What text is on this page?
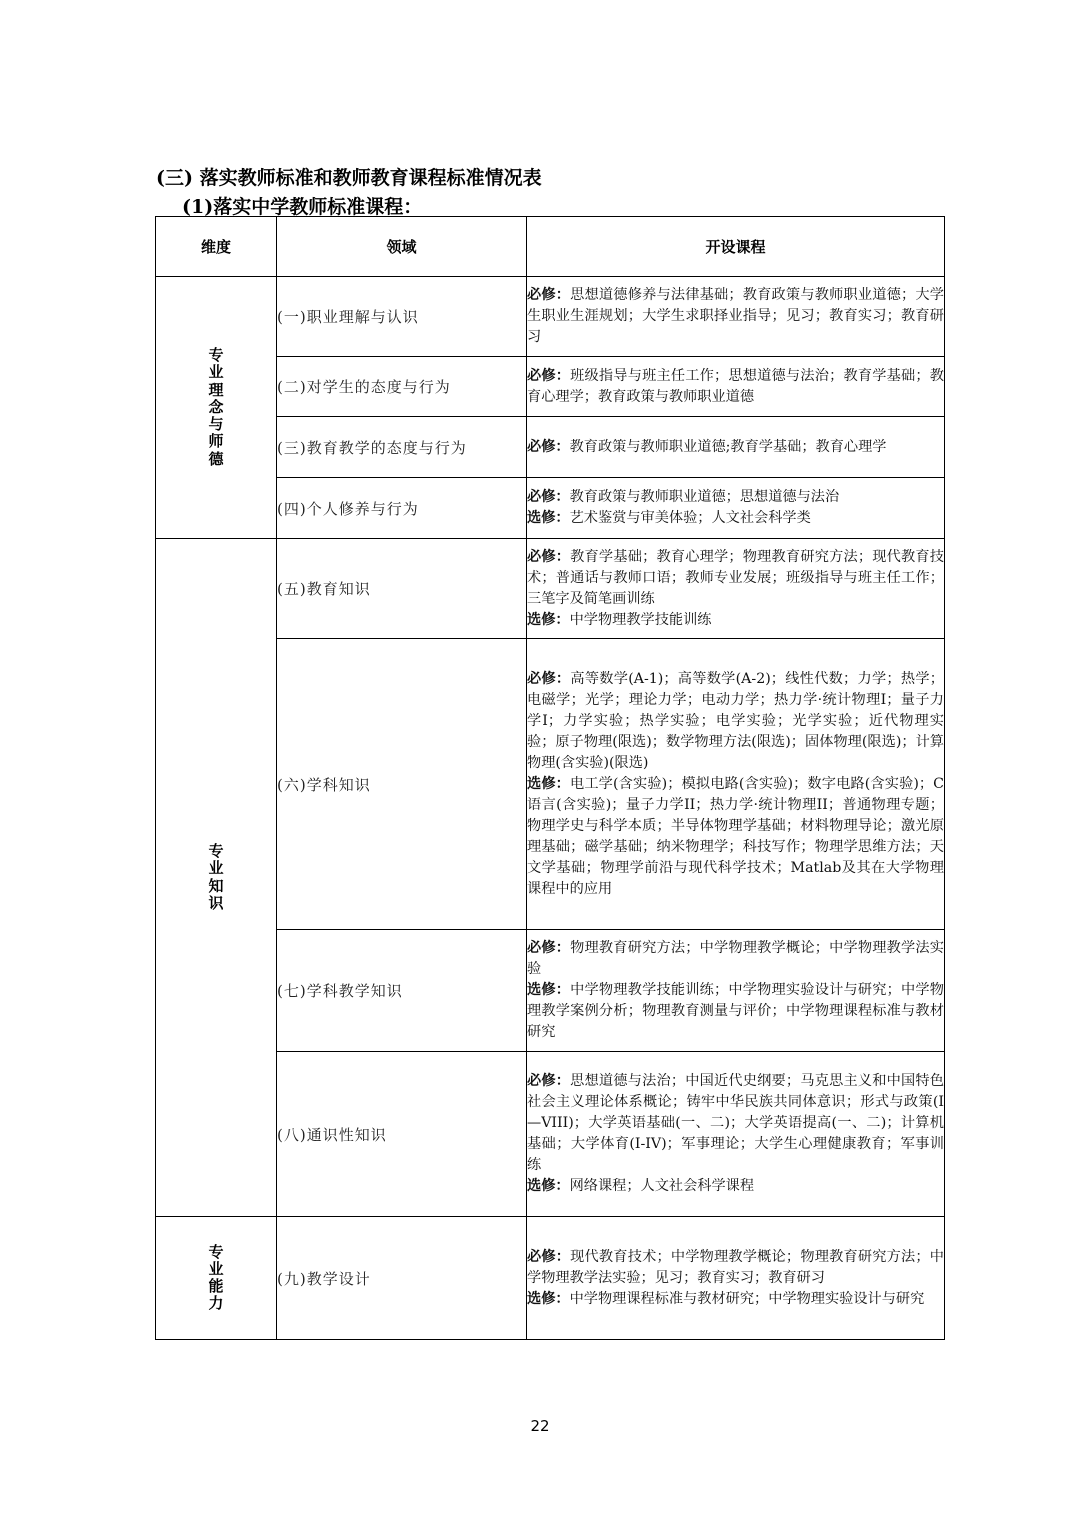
(三) 落实教师标准和教师教育课程标准情况表
(1)落实中学教师标准课程：
维度	领域	开设课程
专业理念与师德	(一)职业理解与认识	必修：思想道德修养与法律基础；教育政策与教师职业道德；大学生职业生涯规划；大学生求职择业指导；见习；教育实习；教育研习

	(二)对学生的态度与行为	必修：班级指导与班主任工作；思想道德与法治；教育学基础；教育心理学；教育政策与教师职业道德

	(三)教育教学的态度与行为	必修：教育政策与教师职业道德;教育学基础；教育心理学

	(四)个人修养与行为	必修：教育政策与教师职业道德；思想道德与法治
选修：艺术鉴赏与审美体验；人文社会科学类

专业知识	(五)教育知识	必修：教育学基础；教育心理学；物理教育研究方法；现代教育技术；普通话与教师口语；教师专业发展；班级指导与班主任工作；三笔字及简笔画训练
选修：中学物理教学技能训练

	(六)学科知识	必修：高等数学(A-1)；高等数学(A-2)；线性代数；力学；热学；电磁学；光学；理论力学；电动力学；热力学·统计物理I；量子力学I；力学实验；热学实验；电学实验；光学实验；近代物理实验；原子物理(限选)；数学物理方法(限选)；固体物理(限选)；计算物理(含实验)(限选)
选修：电工学(含实验)；模拟电路(含实验)；数字电路(含实验)；C语言(含实验)；量子力学II；热力学·统计物理II；普通物理专题；物理学史与科学本质；半导体物理学基础；材料物理导论；激光原理基础；磁学基础；纳米物理学；科技写作；物理学思维方法；天文学基础；物理学前沿与现代科学技术；Matlab及其在大学物理课程中的应用

	(七)学科教学知识	必修：物理教育研究方法；中学物理教学概论；中学物理教学法实验
选修：中学物理教学技能训练；中学物理实验设计与研究；中学物理教学案例分析；物理教育测量与评价；中学物理课程标准与教材研究

	(八)通识性知识	必修：思想道德与法治；中国近代史纲要；马克思主义和中国特色社会主义理论体系概论；铸牢中华民族共同体意识；形式与政策(I—VIII)；大学英语基础(一、二)；大学英语提高(一、二)；计算机基础；大学体育(I-IV)；军事理论；大学生心理健康教育；军事训练
选修：网络课程；人文社会科学课程

专业能力	(九)教学设计	必修：现代教育技术；中学物理教学概论；物理教育研究方法；中学物理教学法实验；见习；教育实习；教育研习
选修：中学物理课程标准与教材研究；中学物理实验设计与研究
22
